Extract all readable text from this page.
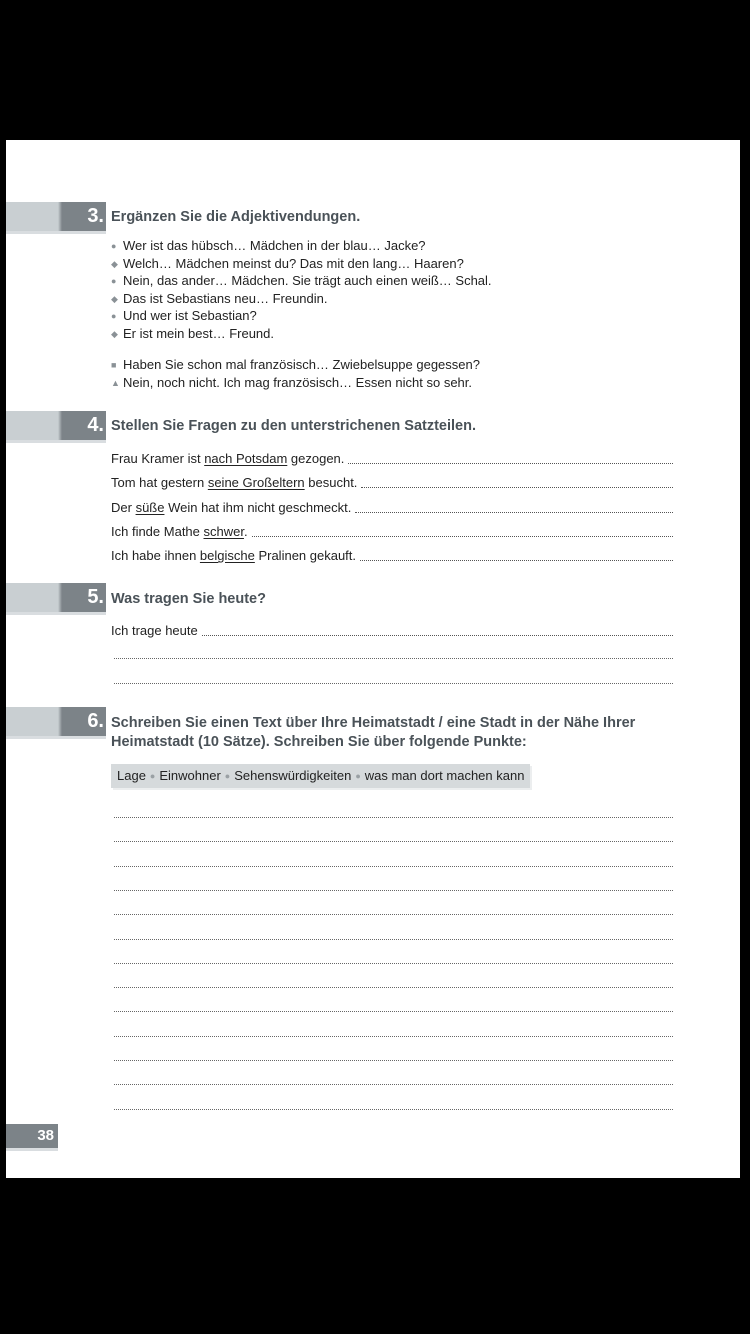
3. Ergänzen Sie die Adjektivendungen.
● Wer ist das hübsch… Mädchen in der blau… Jacke?
◆ Welch… Mädchen meinst du? Das mit den lang… Haaren?
● Nein, das ander… Mädchen. Sie trägt auch einen weiß… Schal.
◆ Das ist Sebastians neu… Freundin.
● Und wer ist Sebastian?
◆ Er ist mein best… Freund.
■ Haben Sie schon mal französisch… Zwiebelsuppe gegessen?
▲ Nein, noch nicht. Ich mag französisch… Essen nicht so sehr.
4. Stellen Sie Fragen zu den unterstrichenen Satzteilen.
Frau Kramer ist nach Potsdam gezogen.
Tom hat gestern seine Großeltern besucht.
Der süße Wein hat ihm nicht geschmeckt.
Ich finde Mathe schwer.
Ich habe ihnen belgische Pralinen gekauft.
5. Was tragen Sie heute?
Ich trage heute
6. Schreiben Sie einen Text über Ihre Heimatstadt / eine Stadt in der Nähe Ihrer
Heimatstadt (10 Sätze). Schreiben Sie über folgende Punkte:
Lage ● Einwohner ● Sehenswürdigkeiten ● was man dort machen kann
38
